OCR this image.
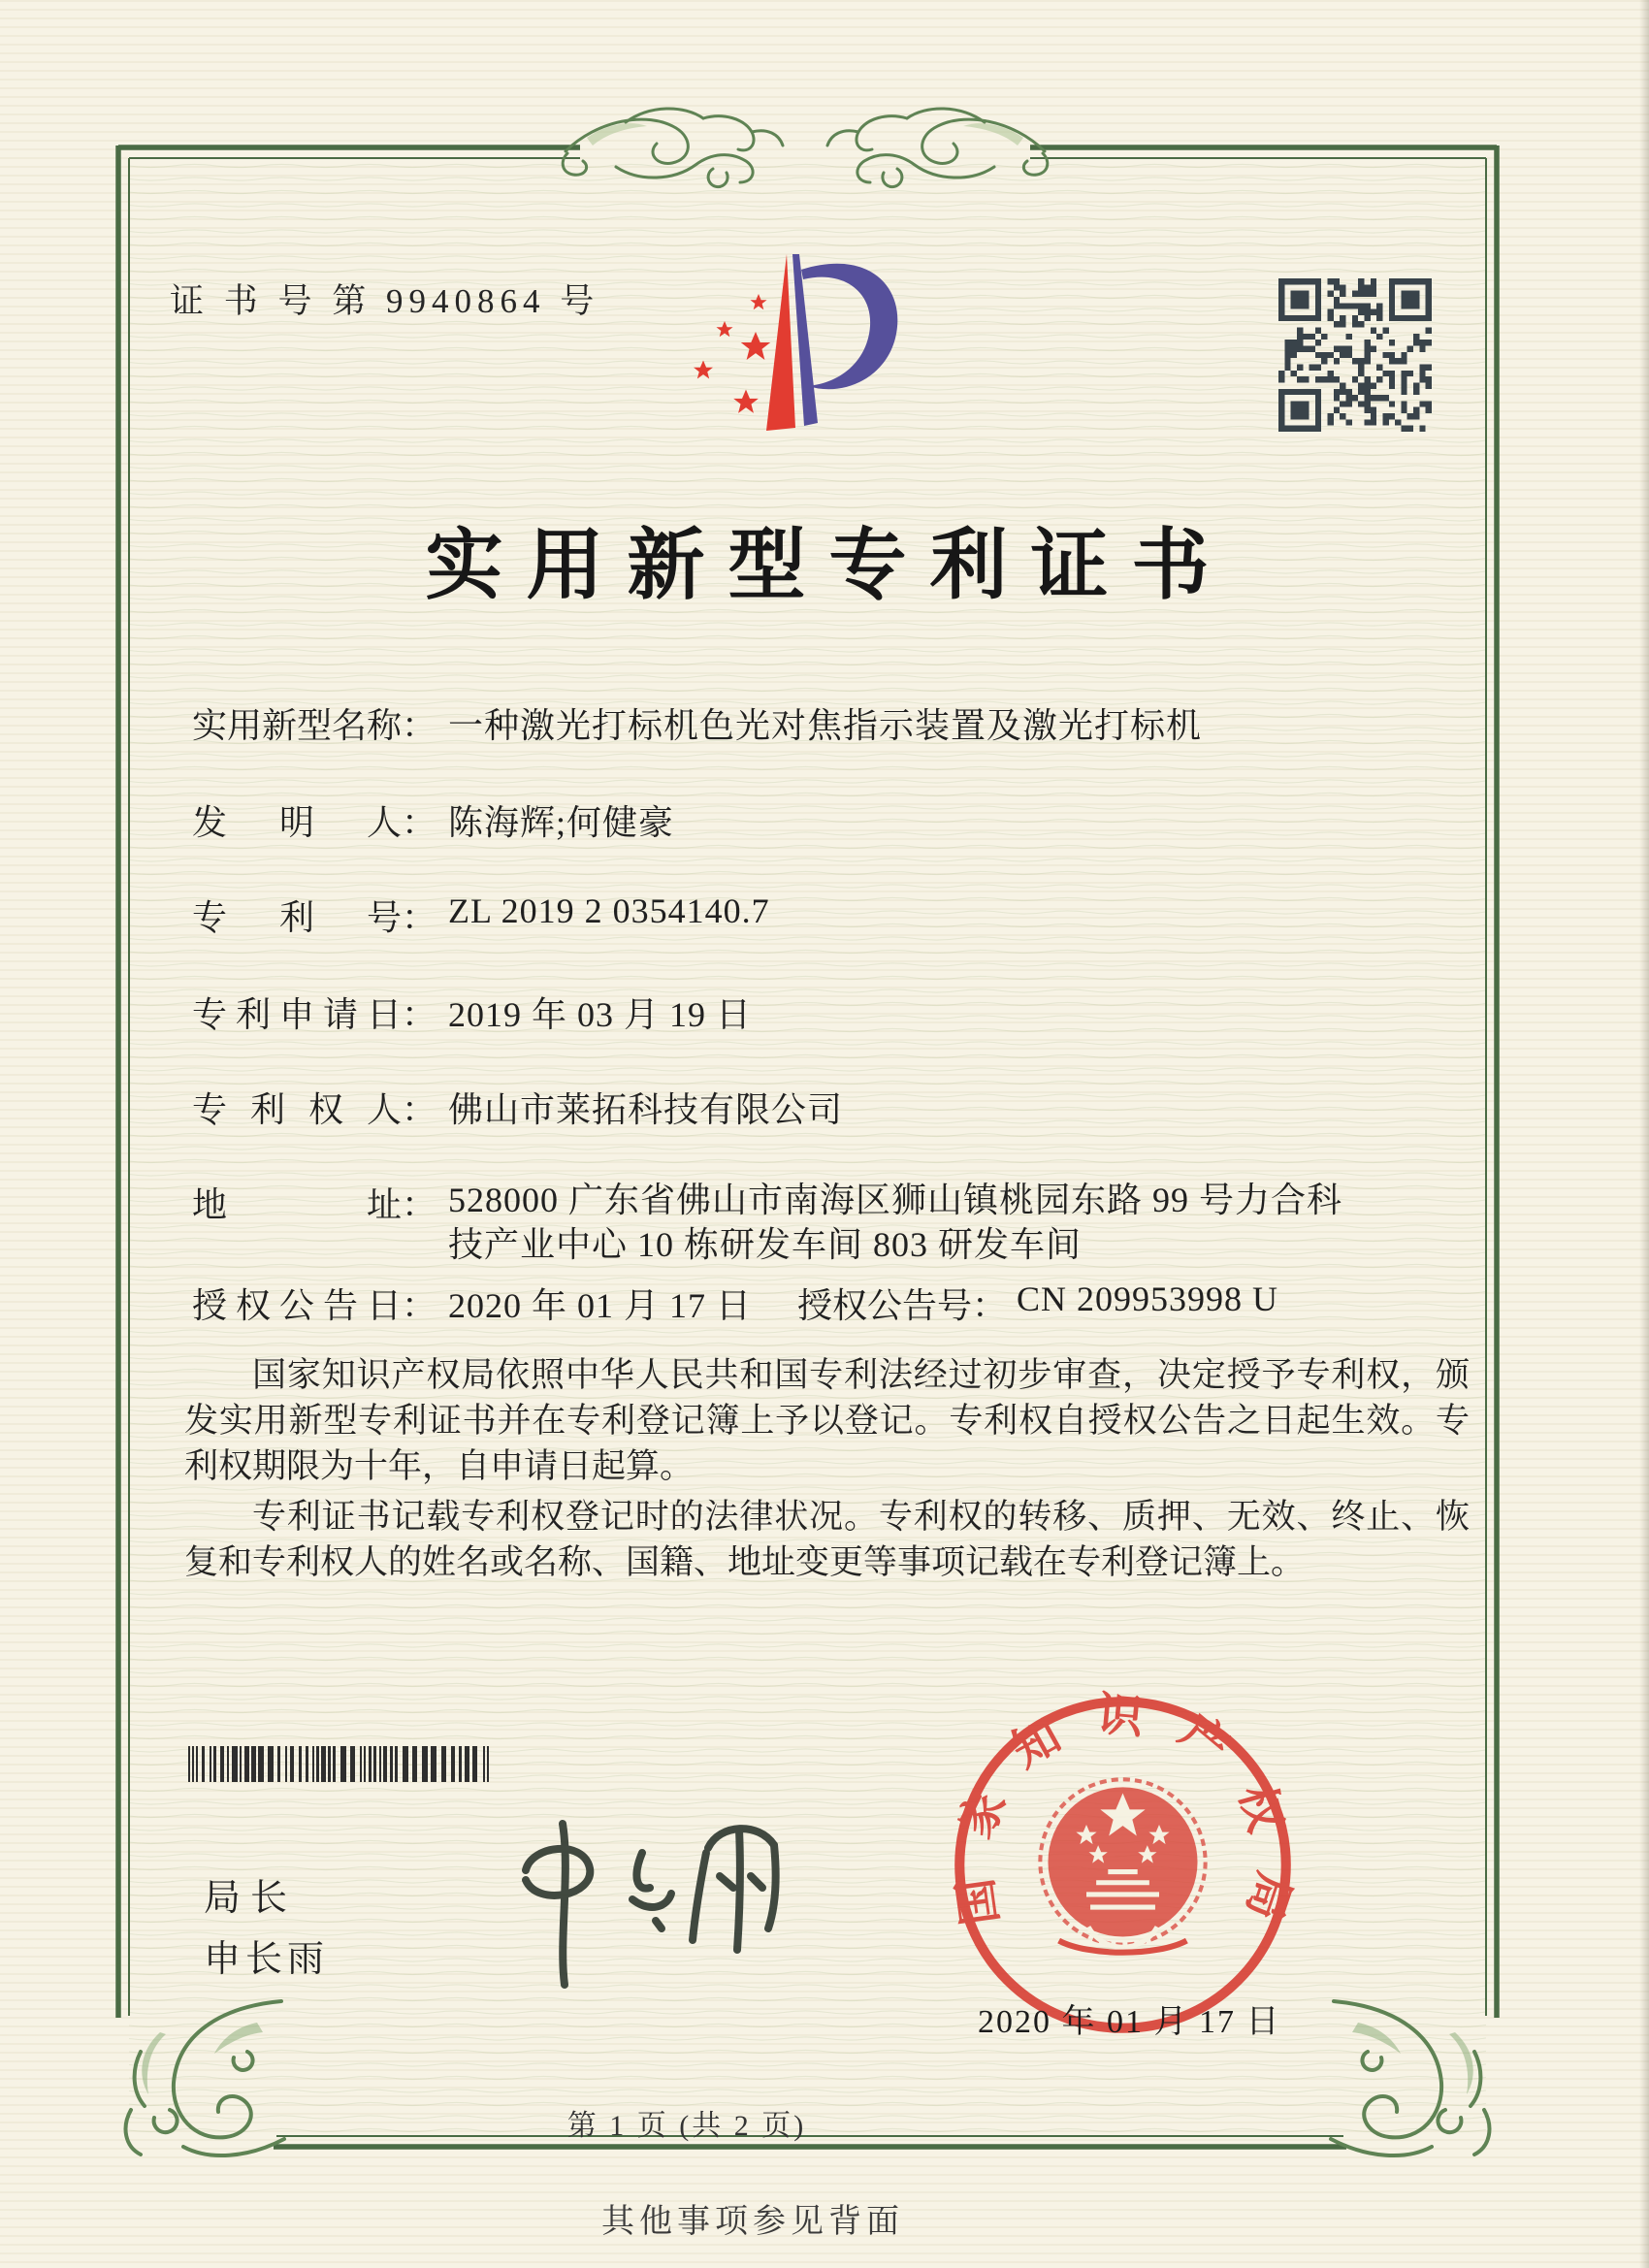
证 书 号 第 9940864 号
实用新型专利证书
实用新型名称： 一种激光打标机色光对焦指示装置及激光打标机
发明人： 陈海辉;何健豪
专利号： ZL 2019 2 0354140.7
专利申请日： 2019 年 03 月 19 日
专利权人： 佛山市莱拓科技有限公司
地址： 528000 广东省佛山市南海区狮山镇桃园东路 99 号力合科
技产业中心 10 栋研发车间 803 研发车间
授权公告日： 2020 年 01 月 17 日 授权公告号： CN 209953998 U

国家知识产权局依照中华人民共和国专利法经过初步审查，决定授予专利权，颁发实用新型专利证书并在专利登记簿上予以登记。专利权自授权公告之日起生效。专利权期限为十年，自申请日起算。

专利证书记载专利权登记时的法律状况。专利权的转移、质押、无效、终止、恢复和专利权人的姓名或名称、国籍、地址变更等事项记载在专利登记簿上。

局长
申长雨
国家知识产权局
2020 年 01 月 17 日
第 1 页 (共 2 页)
其他事项参见背面
